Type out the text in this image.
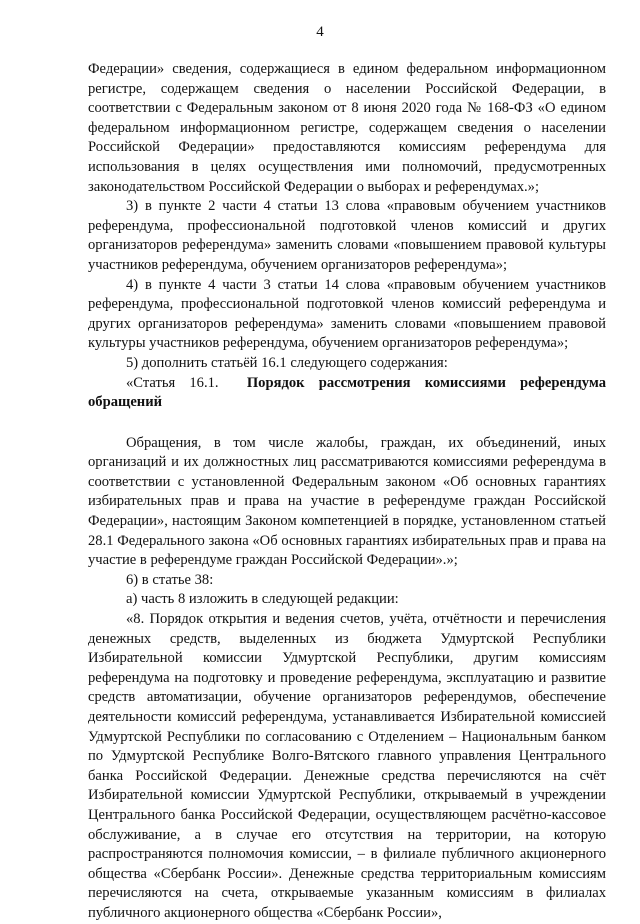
4

Федерации» сведения, содержащиеся в едином федеральном информационном регистре, содержащем сведения о населении Российской Федерации, в соответствии с Федеральным законом от 8 июня 2020 года № 168-ФЗ «О едином федеральном информационном регистре, содержащем сведения о населении Российской Федерации» предоставляются комиссиям референдума для использования в целях осуществления ими полномочий, предусмотренных законодательством Российской Федерации о выборах и референдумах.»;

3) в пункте 2 части 4 статьи 13 слова «правовым обучением участников референдума, профессиональной подготовкой членов комиссий и других организаторов референдума» заменить словами «повышением правовой культуры участников референдума, обучением организаторов референдума»;

4) в пункте 4 части 3 статьи 14 слова «правовым обучением участников референдума, профессиональной подготовкой членов комиссий референдума и других организаторов референдума» заменить словами «повышением правовой культуры участников референдума, обучением организаторов референдума»;

5) дополнить статьёй 16.1 следующего содержания:

«Статья 16.1. Порядок рассмотрения комиссиями референдума обращений

Обращения, в том числе жалобы, граждан, их объединений, иных организаций и их должностных лиц рассматриваются комиссиями референдума в соответствии с установленной Федеральным законом «Об основных гарантиях избирательных прав и права на участие в референдуме граждан Российской Федерации», настоящим Законом компетенцией в порядке, установленном статьей 28.1 Федерального закона «Об основных гарантиях избирательных прав и права на участие в референдуме граждан Российской Федерации».»;

6) в статье 38:

а) часть 8 изложить в следующей редакции:

«8. Порядок открытия и ведения счетов, учёта, отчётности и перечисления денежных средств, выделенных из бюджета Удмуртской Республики Избирательной комиссии Удмуртской Республики, другим комиссиям референдума на подготовку и проведение референдума, эксплуатацию и развитие средств автоматизации, обучение организаторов референдумов, обеспечение деятельности комиссий референдума, устанавливается Избирательной комиссией Удмуртской Республики по согласованию с Отделением – Национальным банком по Удмуртской Республике Волго-Вятского главного управления Центрального банка Российской Федерации. Денежные средства перечисляются на счёт Избирательной комиссии Удмуртской Республики, открываемый в учреждении Центрального банка Российской Федерации, осуществляющем расчётно-кассовое обслуживание, а в случае его отсутствия на территории, на которую распространяются полномочия комиссии, – в филиале публичного акционерного общества «Сбербанк России». Денежные средства территориальным комиссиям перечисляются на счета, открываемые указанным комиссиям в филиалах публичного акционерного общества «Сбербанк России»,
